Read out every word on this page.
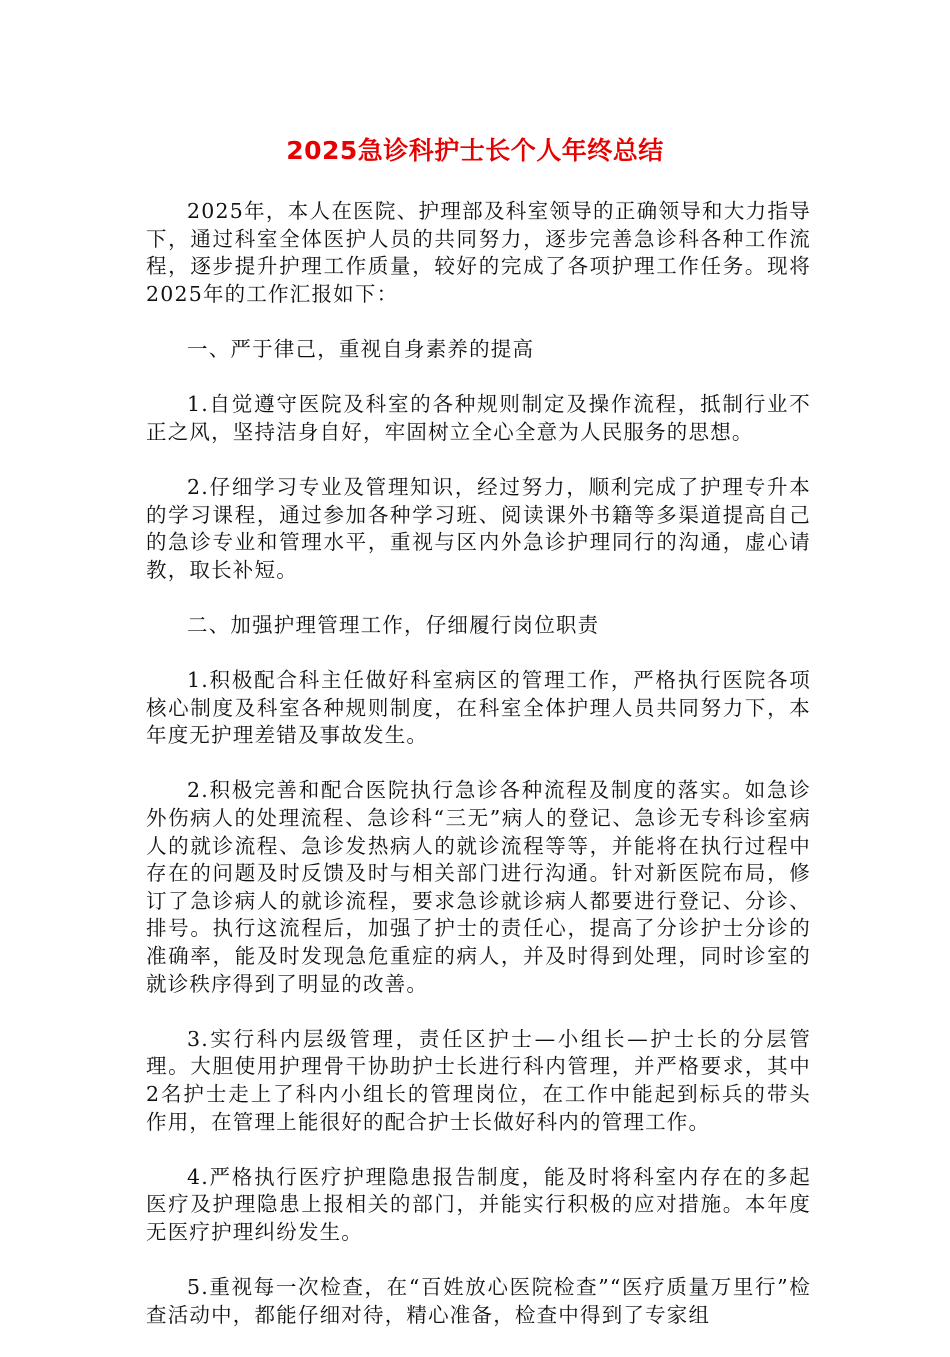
2025急诊科护士长个人年终总结

2025年，本人在医院、护理部及科室领导的正确领导和大力指导下，通过科室全体医护人员的共同努力，逐步完善急诊科各种工作流程，逐步提升护理工作质量，较好的完成了各项护理工作任务。现将2025年的工作汇报如下：

一、严于律己，重视自身素养的提高

1.自觉遵守医院及科室的各种规则制定及操作流程，抵制行业不正之风，坚持洁身自好，牢固树立全心全意为人民服务的思想。

2.仔细学习专业及管理知识，经过努力，顺利完成了护理专升本的学习课程，通过参加各种学习班、阅读课外书籍等多渠道提高自己的急诊专业和管理水平，重视与区内外急诊护理同行的沟通，虚心请教，取长补短。

二、加强护理管理工作，仔细履行岗位职责

1.积极配合科主任做好科室病区的管理工作，严格执行医院各项核心制度及科室各种规则制度，在科室全体护理人员共同努力下，本年度无护理差错及事故发生。

2.积极完善和配合医院执行急诊各种流程及制度的落实。如急诊外伤病人的处理流程、急诊科“三无”病人的登记、急诊无专科诊室病人的就诊流程、急诊发热病人的就诊流程等等，并能将在执行过程中存在的问题及时反馈及时与相关部门进行沟通。针对新医院布局，修订了急诊病人的就诊流程，要求急诊就诊病人都要进行登记、分诊、排号。执行这流程后，加强了护士的责任心，提高了分诊护士分诊的准确率，能及时发现急危重症的病人，并及时得到处理，同时诊室的就诊秩序得到了明显的改善。

3.实行科内层级管理，责任区护士—小组长—护士长的分层管理。大胆使用护理骨干协助护士长进行科内管理，并严格要求，其中2名护士走上了科内小组长的管理岗位，在工作中能起到标兵的带头作用，在管理上能很好的配合护士长做好科内的管理工作。

4.严格执行医疗护理隐患报告制度，能及时将科室内存在的多起医疗及护理隐患上报相关的部门，并能实行积极的应对措施。本年度无医疗护理纠纷发生。

5.重视每一次检查，在“百姓放心医院检查”“医疗质量万里行”检查活动中，都能仔细对待，精心准备，检查中得到了专家组
